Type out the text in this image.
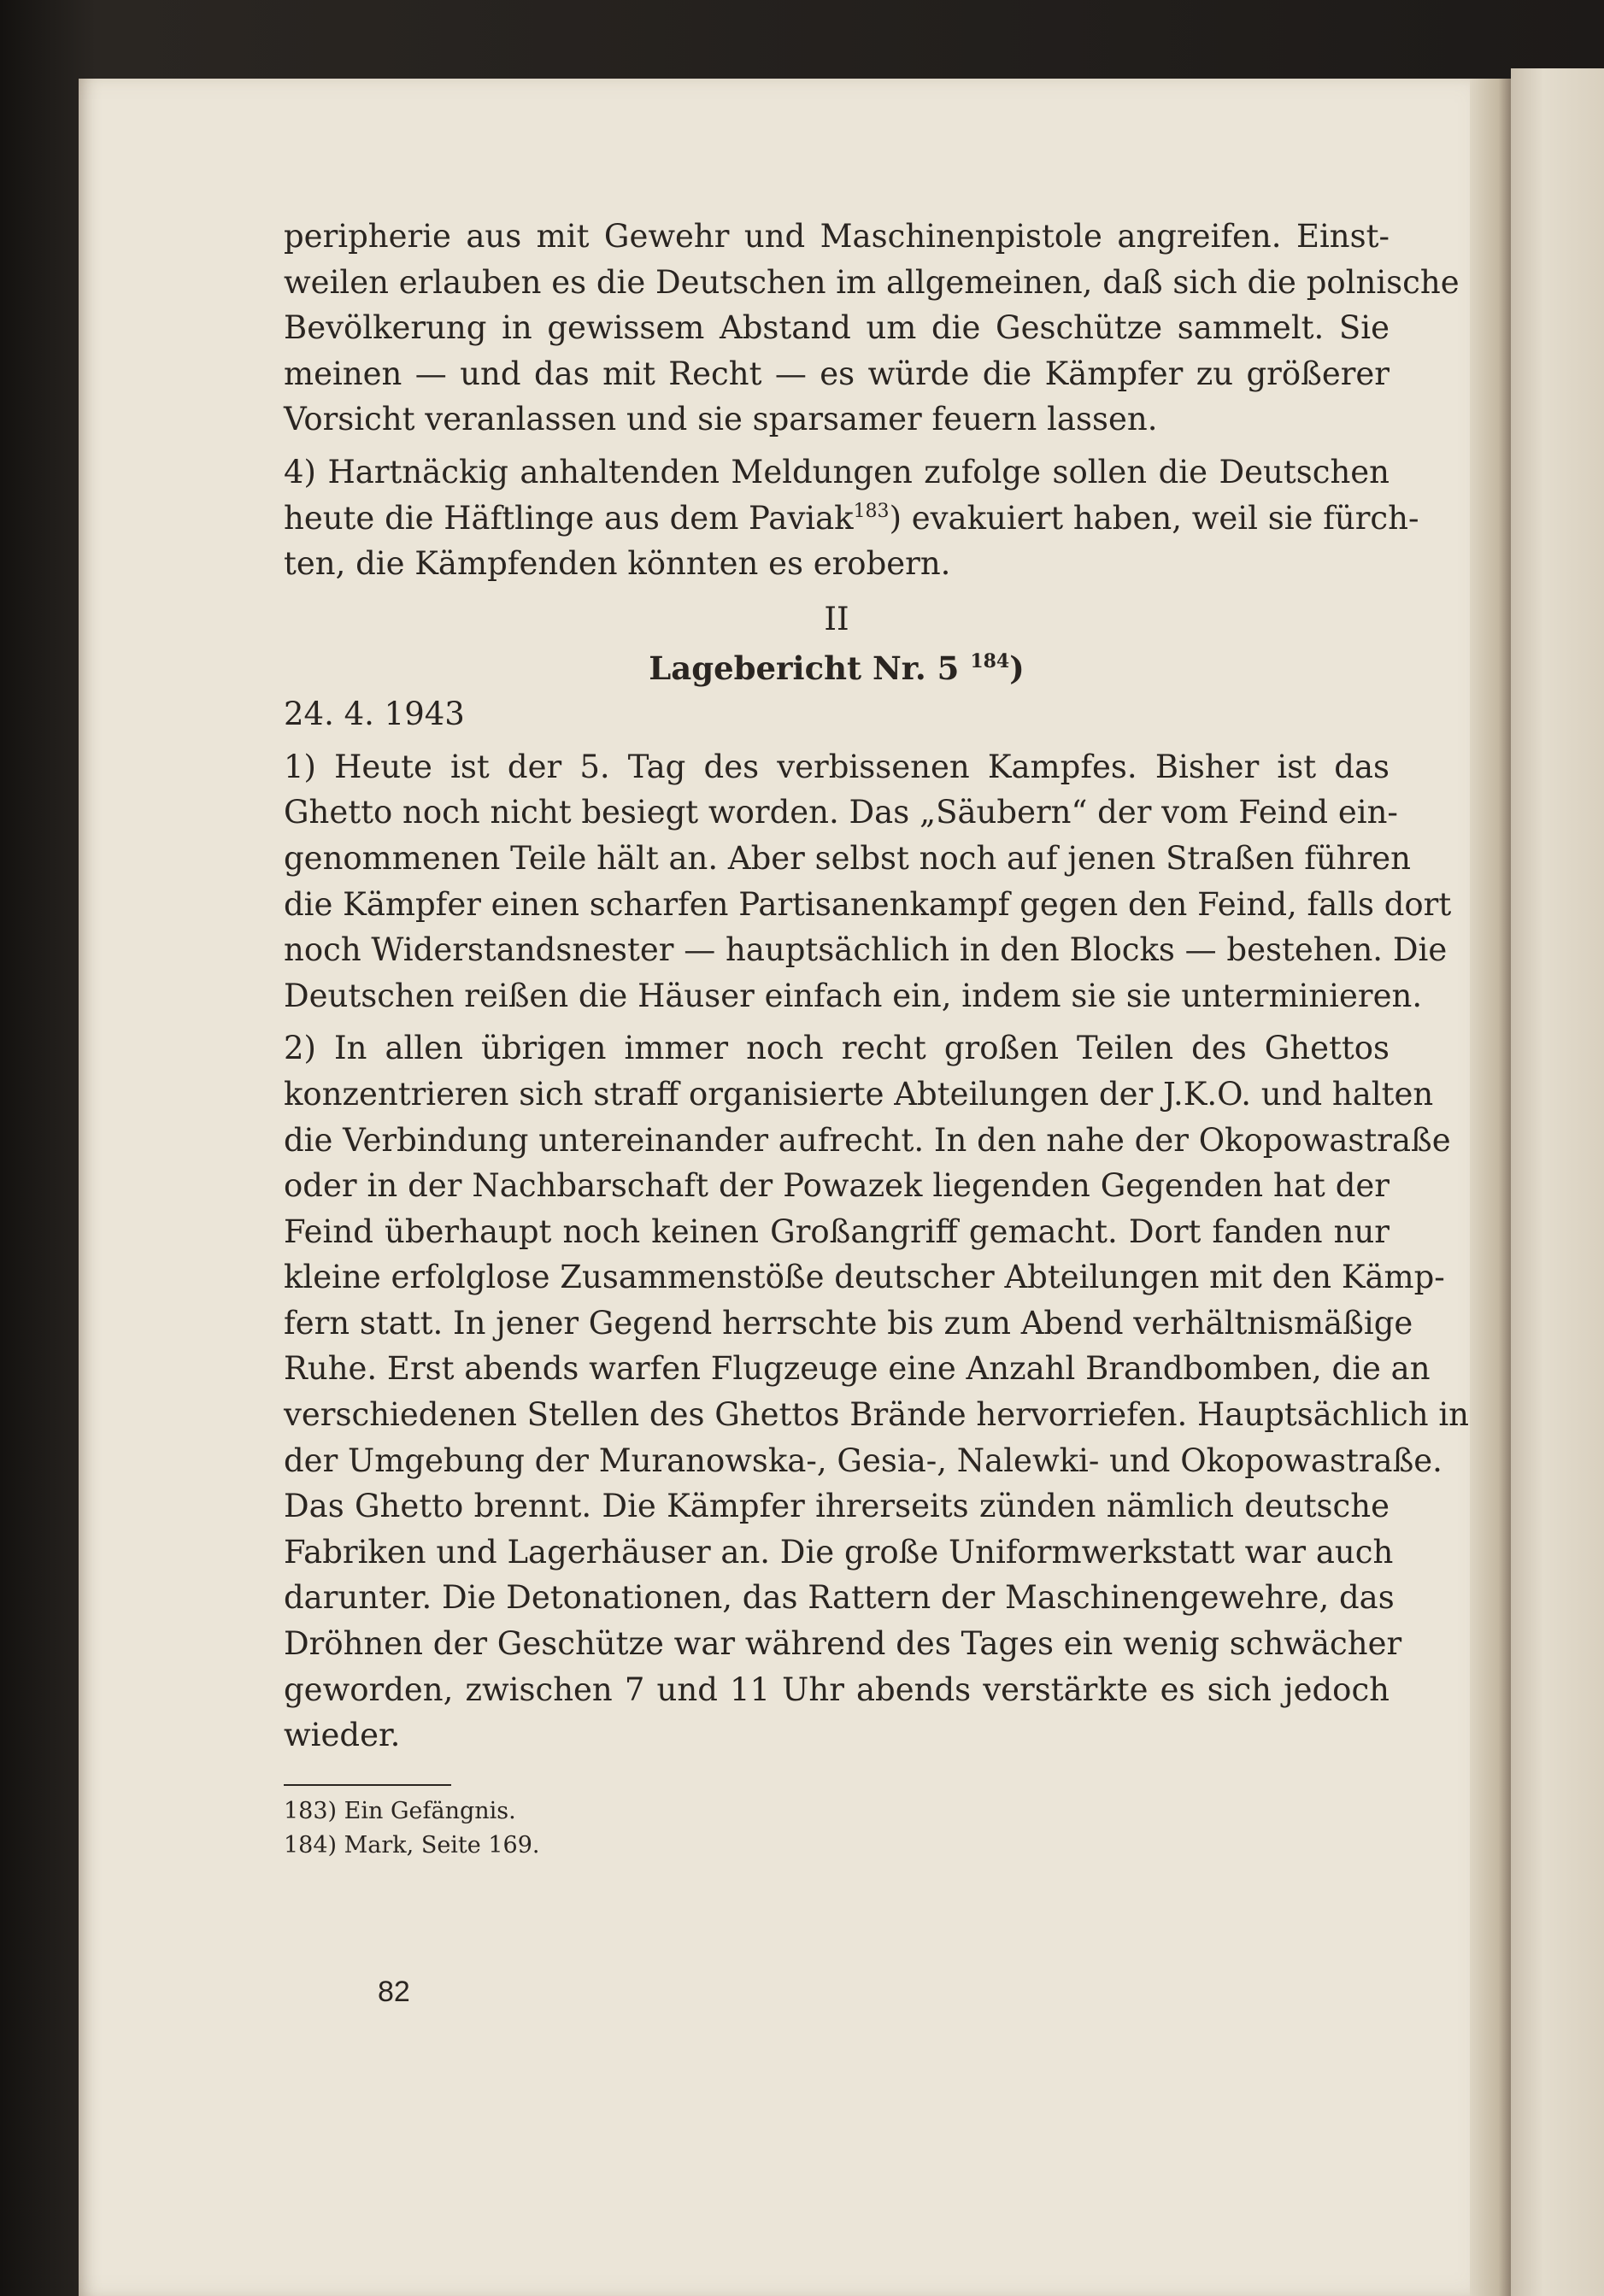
peripherie aus mit Gewehr und Maschinenpistole angreifen. Einst-
weilen erlauben es die Deutschen im allgemeinen, daß sich die polnische
Bevölkerung in gewissem Abstand um die Geschütze sammelt. Sie
meinen — und das mit Recht — es würde die Kämpfer zu größerer
Vorsicht veranlassen und sie sparsamer feuern lassen.
4) Hartnäckig anhaltenden Meldungen zufolge sollen die Deutschen
heute die Häftlinge aus dem Paviak$^{183}$) evakuiert haben, weil sie fürch-
ten, die Kämpfenden könnten es erobern.
II
Lagebericht Nr. 5 $^{184}$)
24. 4. 1943
1) Heute ist der 5. Tag des verbissenen Kampfes. Bisher ist das
Ghetto noch nicht besiegt worden. Das „Säubern“ der vom Feind ein-
genommenen Teile hält an. Aber selbst noch auf jenen Straßen führen
die Kämpfer einen scharfen Partisanenkampf gegen den Feind, falls dort
noch Widerstandsnester — hauptsächlich in den Blocks — bestehen. Die
Deutschen reißen die Häuser einfach ein, indem sie sie unterminieren.
2) In allen übrigen immer noch recht großen Teilen des Ghettos
konzentrieren sich straff organisierte Abteilungen der J.K.O. und halten
die Verbindung untereinander aufrecht. In den nahe der Okopowastraße
oder in der Nachbarschaft der Powazek liegenden Gegenden hat der
Feind überhaupt noch keinen Großangriff gemacht. Dort fanden nur
kleine erfolglose Zusammenstöße deutscher Abteilungen mit den Kämp-
fern statt. In jener Gegend herrschte bis zum Abend verhältnismäßige
Ruhe. Erst abends warfen Flugzeuge eine Anzahl Brandbomben, die an
verschiedenen Stellen des Ghettos Brände hervorriefen. Hauptsächlich in
der Umgebung der Muranowska-, Gesia-, Nalewki- und Okopowastraße.
Das Ghetto brennt. Die Kämpfer ihrerseits zünden nämlich deutsche
Fabriken und Lagerhäuser an. Die große Uniformwerkstatt war auch
darunter. Die Detonationen, das Rattern der Maschinengewehre, das
Dröhnen der Geschütze war während des Tages ein wenig schwächer
geworden, zwischen 7 und 11 Uhr abends verstärkte es sich jedoch
wieder.
183) Ein Gefängnis.
184) Mark, Seite 169.
82
